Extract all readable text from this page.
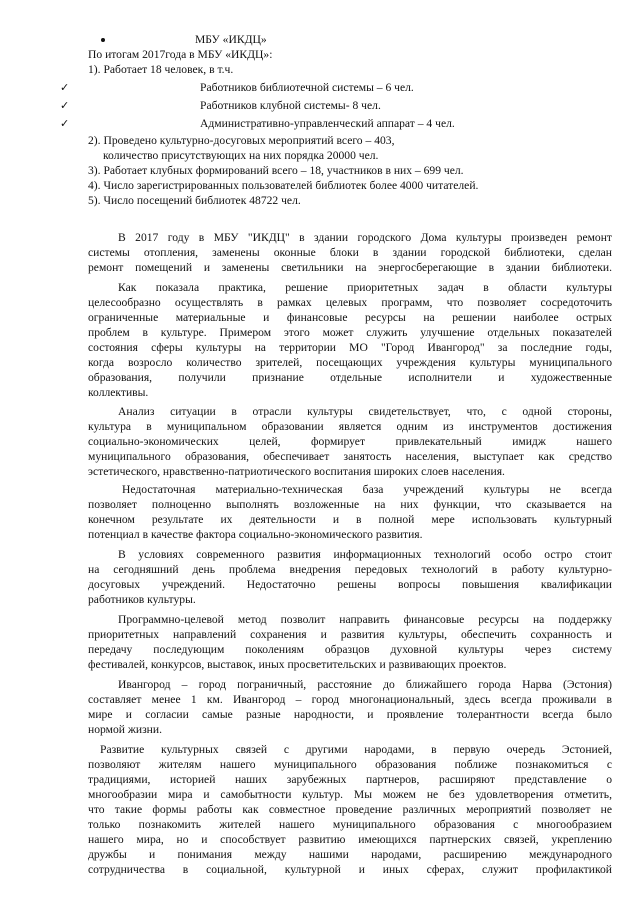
МБУ «ИКДЦ»
По итогам 2017года в МБУ «ИКДЦ»:
1). Работает 18 человек, в т.ч.
✓	Работников библиотечной системы – 6 чел.
✓	Работников клубной системы- 8 чел.
✓	Административно-управленческий аппарат – 4 чел.
2). Проведено культурно-досуговых мероприятий всего – 403,
количество присутствующих на них порядка 20000 чел.
3). Работает клубных формирований всего – 18, участников в них – 699 чел.
4). Число зарегистрированных пользователей библиотек более 4000 читателей.
5). Число посещений библиотек 48722 чел.
В 2017 году в МБУ "ИКДЦ" в здании городского Дома культуры произведен ремонт
системы отопления, заменены оконные блоки в здании городской библиотеки, сделан
ремонт помещений и заменены светильники на энергосберегающие в здании библиотеки.
Как показала практика, решение приоритетных задач в области культуры
целесообразно осуществлять в рамках целевых программ, что позволяет сосредоточить
ограниченные материальные и финансовые ресурсы на решении наиболее острых
проблем в культуре. Примером этого может служить улучшение отдельных показателей
состояния сферы культуры на территории МО "Город Ивангород" за последние годы,
когда возросло количество зрителей, посещающих учреждения культуры муниципального
образования, получили признание отдельные исполнители и художественные
коллективы.
Анализ ситуации в отрасли культуры свидетельствует, что, с одной стороны,
культура в муниципальном образовании является одним из инструментов достижения
социально-экономических целей, формирует привлекательный имидж нашего
муниципального образования, обеспечивает занятость населения, выступает как средство
эстетического, нравственно-патриотического воспитания широких слоев населения.
Недостаточная материально-техническая база учреждений культуры не всегда
позволяет полноценно выполнять возложенные на них функции, что сказывается на
конечном результате их деятельности и в полной мере использовать культурный
потенциал в качестве фактора социально-экономического развития.
В условиях современного развития информационных технологий особо остро стоит
на сегодняшний день проблема внедрения передовых технологий в работу культурно-
досуговых учреждений. Недостаточно решены вопросы повышения квалификации
работников культуры.
Программно-целевой метод позволит направить финансовые ресурсы на поддержку
приоритетных направлений сохранения и развития культуры, обеспечить сохранность и
передачу последующим поколениям образцов духовной культуры через систему
фестивалей, конкурсов, выставок, иных просветительских и развивающих проектов.
Ивангород – город пограничный, расстояние до ближайшего города Нарва (Эстония)
составляет менее 1 км. Ивангород – город многонациональный, здесь всегда проживали в
мире и согласии самые разные народности, и проявление толерантности всегда было
нормой жизни.
Развитие культурных связей с другими народами, в первую очередь Эстонией,
позволяют жителям нашего муниципального образования поближе познакомиться с
традициями, историей наших зарубежных партнеров, расширяют представление о
многообразии мира и самобытности культур. Мы можем не без удовлетворения отметить,
что такие формы работы как совместное проведение различных мероприятий позволяет не
только познакомить жителей нашего муниципального образования с многообразием
нашего мира, но и способствует развитию имеющихся партнерских связей, укреплению
дружбы и понимания между нашими народами, расширению международного
сотрудничества в социальной, культурной и иных сферах, служит профилактикой
